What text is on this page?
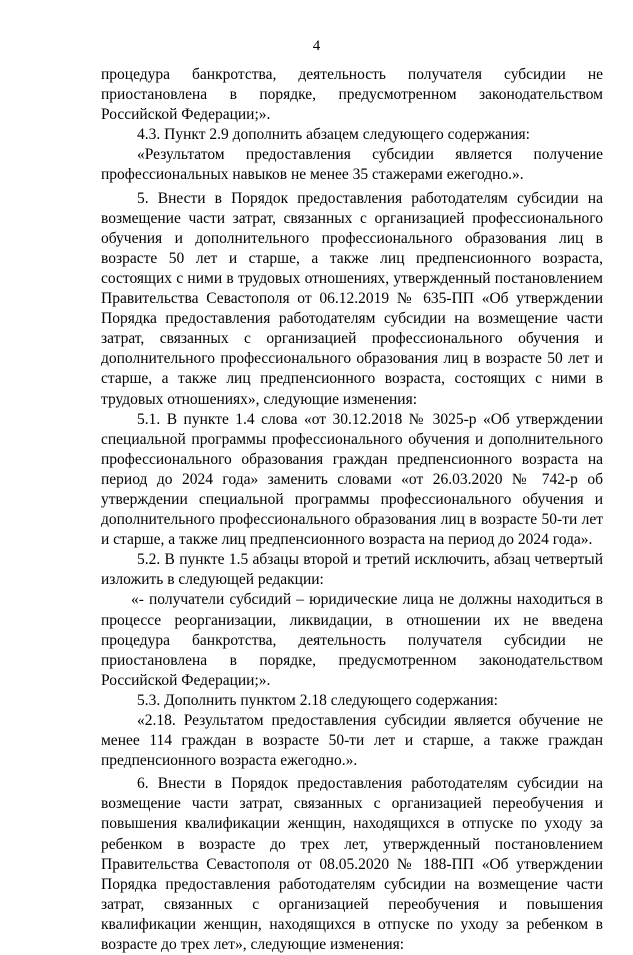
4

процедура банкротства, деятельность получателя субсидии не приостановлена в порядке, предусмотренном законодательством Российской Федерации;».

4.3. Пункт 2.9 дополнить абзацем следующего содержания:

«Результатом предоставления субсидии является получение профессиональных навыков не менее 35 стажерами ежегодно.».

5. Внести в Порядок предоставления работодателям субсидии на возмещение части затрат, связанных с организацией профессионального обучения и дополнительного профессионального образования лиц в возрасте 50 лет и старше, а также лиц предпенсионного возраста, состоящих с ними в трудовых отношениях, утвержденный постановлением Правительства Севастополя от 06.12.2019 № 635-ПП «Об утверждении Порядка предоставления работодателям субсидии на возмещение части затрат, связанных с организацией профессионального обучения и дополнительного профессионального образования лиц в возрасте 50 лет и старше, а также лиц предпенсионного возраста, состоящих с ними в трудовых отношениях», следующие изменения:

5.1. В пункте 1.4 слова «от 30.12.2018 № 3025-р «Об утверждении специальной программы профессионального обучения и дополнительного профессионального образования граждан предпенсионного возраста на период до 2024 года» заменить словами «от 26.03.2020 № 742-р об утверждении специальной программы профессионального обучения и дополнительного профессионального образования лиц в возрасте 50-ти лет и старше, а также лиц предпенсионного возраста на период до 2024 года».

5.2. В пункте 1.5 абзацы второй и третий исключить, абзац четвертый изложить в следующей редакции:

«- получатели субсидий – юридические лица не должны находиться в процессе реорганизации, ликвидации, в отношении их не введена процедура банкротства, деятельность получателя субсидии не приостановлена в порядке, предусмотренном законодательством Российской Федерации;».

5.3. Дополнить пунктом 2.18 следующего содержания:

«2.18. Результатом предоставления субсидии является обучение не менее 114 граждан в возрасте 50-ти лет и старше, а также граждан предпенсионного возраста ежегодно.».

6. Внести в Порядок предоставления работодателям субсидии на возмещение части затрат, связанных с организацией переобучения и повышения квалификации женщин, находящихся в отпуске по уходу за ребенком в возрасте до трех лет, утвержденный постановлением Правительства Севастополя от 08.05.2020 № 188-ПП «Об утверждении Порядка предоставления работодателям субсидии на возмещение части затрат, связанных с организацией переобучения и повышения квалификации женщин, находящихся в отпуске по уходу за ребенком в возрасте до трех лет», следующие изменения:
